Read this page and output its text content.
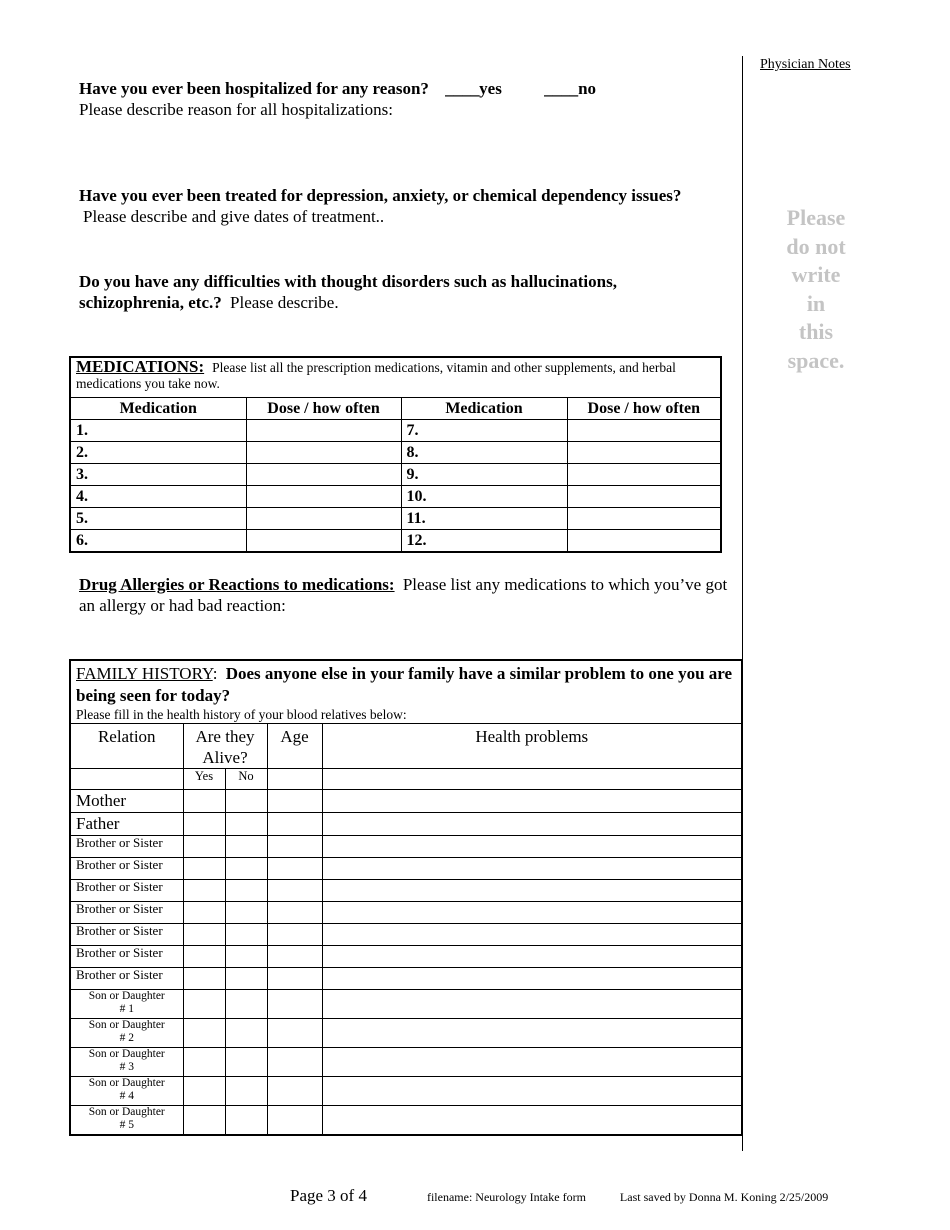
Physician Notes
Please
do not
write
in
this
space.
Have you ever been hospitalized for any reason? ____yes ____no
Please describe reason for all hospitalizations:
Have you ever been treated for depression, anxiety, or chemical dependency issues? Please describe and give dates of treatment..
Do you have any difficulties with thought disorders such as hallucinations, schizophrenia, etc.? Please describe.
MEDICATIONS: Please list all the prescription medications, vitamin and other supplements, and herbal medications you take now.			
Medication	Dose / how often	Medication	Dose / how often
1.		7.	
2.		8.	
3.		9.	
4.		10.	
5.		11.	
6.		12.	
Drug Allergies or Reactions to medications: Please list any medications to which you’ve got an allergy or had bad reaction:
FAMILY HISTORY: Does anyone else in your family have a similar problem to one you are being seen for today?
Please fill in the health history of your blood relatives below:				

Relation	Are they Alive?		Age	Health problems
	Yes	No		
Mother				
Father				
Brother or Sister				
Brother or Sister				
Brother or Sister				
Brother or Sister				
Brother or Sister				
Brother or Sister				
Brother or Sister				
Son or Daughter
# 1				
Son or Daughter
# 2				
Son or Daughter
# 3				
Son or Daughter
# 4				
Son or Daughter
# 5				
Page 3 of 4	filename: Neurology Intake form	Last saved by Donna M. Koning 2/25/2009
